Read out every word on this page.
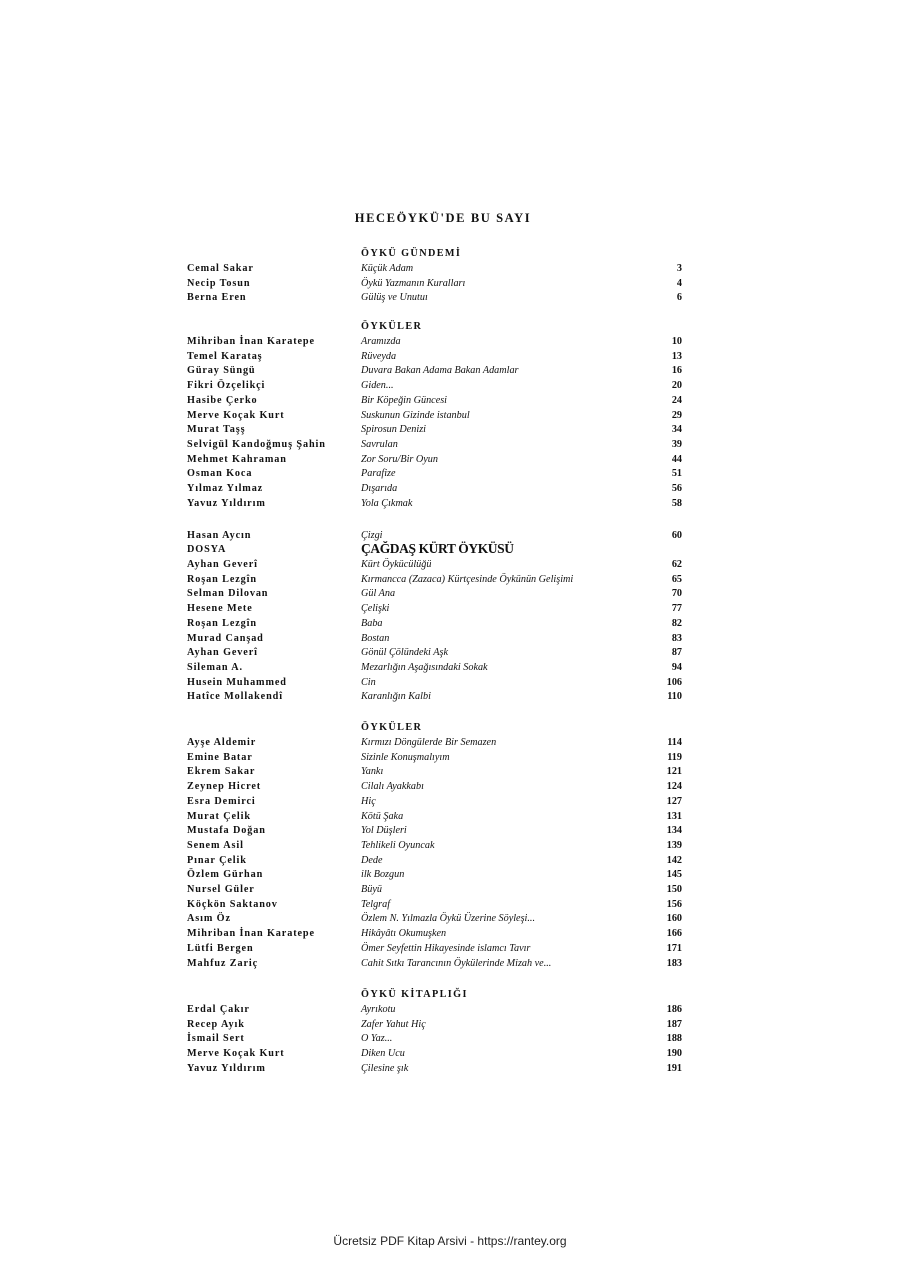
HECEÖYKÜ'DE BU SAYI
ÖYKÜ GÜNDEMİ
Cemal Sakar	Küçük Adam	3
Necip Tosun	Öykü Yazmanın Kuralları	4
Berna Eren	Gülüş ve Unutuı	6
ÖYKÜLER
Mihriban İnan Karatepe	Aramızda	10
Temel Karataş	Rüveyda	13
Güray Süngü	Duvara Bakan Adama Bakan Adamlar	16
Fikri Özçelikçi	Giden...	20
Hasibe Çerko	Bir Köpeğin Güncesi	24
Merve Koçak Kurt	Suskunun Gizinde istanbul	29
Murat Taşş	Spirosun Denizi	34
Selvigül Kandoğmuş Şahin	Savrulan	39
Mehmet Kahraman	Zor Soru/Bir Oyun	44
Osman Koca	Parafize	51
Yılmaz Yılmaz	Dışarıda	56
Yavuz Yıldırım	Yola Çıkmak	58
Hasan Aycın	Çizgi	60
DOSYA	ÇAĞDAŞ KÜRT ÖYKÜSÜ
Ayhan Geverî	Kürt Öykücülüğü	62
Roşan Lezgîn	Kırmancca (Zazaca) Kürtçesinde Öykünün Gelişimi	65
Selman Dilovan	Gül Ana	70
Hesene Mete	Çelişki	77
Roşan Lezgîn	Baba	82
Murad Canşad	Bostan	83
Ayhan Geverî	Gönül Çölündeki Aşk	87
Sileman A.	Mezarlığın Aşağısındaki Sokak	94
Husein Muhammed	Cin	106
Hatîce Mollakendî	Karanlığın Kalbi	110
ÖYKÜLER
Ayşe Aldemir	Kırmızı Döngülerde Bir Semazen	114
Emine Batar	Sizinle Konuşmalıyım	119
Ekrem Sakar	Yankı	121
Zeynep Hicret	Cilalı Ayakkabı	124
Esra Demirci	Hiç	127
Murat Çelik	Kötü Şaka	131
Mustafa Doğan	Yol Düşleri	134
Senem Asil	Tehlikeli Oyuncak	139
Pınar Çelik	Dede	142
Özlem Gürhan	ilk Bozgun	145
Nursel Güler	Büyü	150
Köçkön Saktanov	Telgraf	156
Asım Öz	Özlem N. Yılmazla Öykü Üzerine Söyleşi...	160
Mihriban İnan Karatepe	Hikâyâtı Okumuşken	166
Lütfi Bergen	Ömer Seyfettin Hikayesinde islamcı Tavır	171
Mahfuz Zariç	Cahit Sıtkı Tarancının Öykülerinde Mizah ve...	183
ÖYKÜ KİTAPLIĞI
Erdal Çakır	Ayrıkotu	186
Recep Ayık	Zafer Yahut Hiç	187
İsmail Sert	O Yaz...	188
Merve Koçak Kurt	Diken Ucu	190
Yavuz Yıldırım	Çilesine şık	191
Ücretsiz PDF Kitap Arsivi - https://rantey.org
